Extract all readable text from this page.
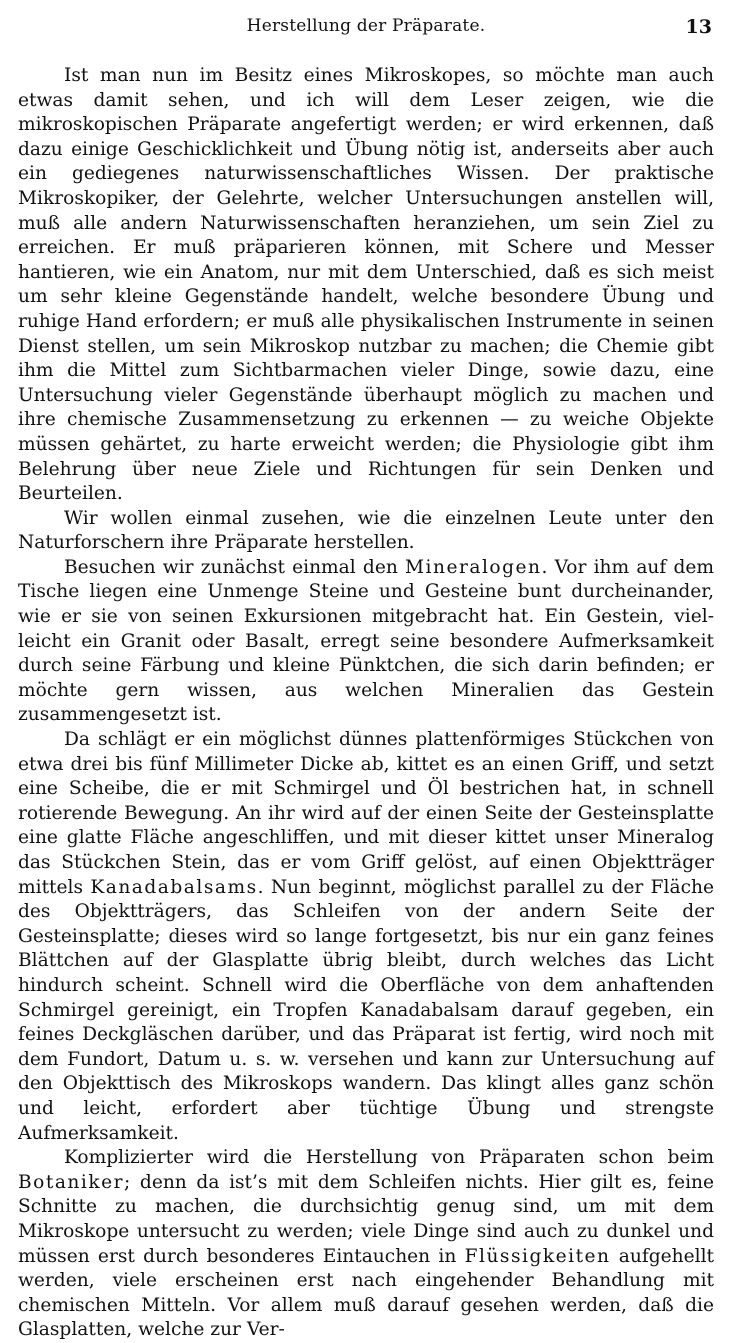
Herstellung der Präparate.	13

Ist man nun im Besitz eines Mikroskopes, so möchte man auch etwas damit sehen, und ich will dem Leser zeigen, wie die mikroskopischen Präparate angefertigt werden; er wird erkennen, daß dazu einige Geschicklichkeit und Übung nötig ist, anderseits aber auch ein gediegenes naturwissenschaftliches Wissen. Der praktische Mikroskopiker, der Gelehrte, welcher Untersuchungen anstellen will, muß alle andern Naturwissenschaften heranziehen, um sein Ziel zu erreichen. Er muß präparieren können, mit Schere und Messer hantieren, wie ein Anatom, nur mit dem Unterschied, daß es sich meist um sehr kleine Gegenstände handelt, welche besondere Übung und ruhige Hand erfordern; er muß alle physikalischen Instrumente in seinen Dienst stellen, um sein Mikroskop nutzbar zu machen; die Chemie gibt ihm die Mittel zum Sichtbarmachen vieler Dinge, sowie dazu, eine Untersuchung vieler Gegenstände überhaupt möglich zu machen und ihre chemische Zusammensetzung zu erkennen — zu weiche Objekte müssen gehärtet, zu harte erweicht werden; die Physiologie gibt ihm Belehrung über neue Ziele und Richtungen für sein Denken und Beurteilen.

Wir wollen einmal zusehen, wie die einzelnen Leute unter den Naturforschern ihre Präparate herstellen.

Besuchen wir zunächst einmal den Mineralogen. Vor ihm auf dem Tische liegen eine Unmenge Steine und Gesteine bunt durcheinander, wie er sie von seinen Exkursionen mitgebracht hat. Ein Gestein, vielleicht ein Granit oder Basalt, erregt seine besondere Aufmerksamkeit durch seine Färbung und kleine Pünktchen, die sich darin befinden; er möchte gern wissen, aus welchen Mineralien das Gestein zusammengesetzt ist.

Da schlägt er ein möglichst dünnes plattenförmiges Stückchen von etwa drei bis fünf Millimeter Dicke ab, kittet es an einen Griff, und setzt eine Scheibe, die er mit Schmirgel und Öl bestrichen hat, in schnell rotierende Bewegung. An ihr wird auf der einen Seite der Gesteinsplatte eine glatte Fläche angeschliffen, und mit dieser kittet unser Mineralog das Stückchen Stein, das er vom Griff gelöst, auf einen Objektträger mittels Kanadabalsams. Nun beginnt, möglichst parallel zu der Fläche des Objektträgers, das Schleifen von der andern Seite der Gesteinsplatte; dieses wird so lange fortgesetzt, bis nur ein ganz feines Blättchen auf der Glasplatte übrig bleibt, durch welches das Licht hindurch scheint. Schnell wird die Oberfläche von dem anhaftenden Schmirgel gereinigt, ein Tropfen Kanadabalsam darauf gegeben, ein feines Deckgläschen darüber, und das Präparat ist fertig, wird noch mit dem Fundort, Datum u. s. w. versehen und kann zur Untersuchung auf den Objekttisch des Mikroskops wandern. Das klingt alles ganz schön und leicht, erfordert aber tüchtige Übung und strengste Aufmerksamkeit.

Komplizierter wird die Herstellung von Präparaten schon beim Botaniker; denn da ist’s mit dem Schleifen nichts. Hier gilt es, feine Schnitte zu machen, die durchsichtig genug sind, um mit dem Mikroskope untersucht zu werden; viele Dinge sind auch zu dunkel und müssen erst durch besonderes Eintauchen in Flüssigkeiten aufgehellt werden, viele erscheinen erst nach eingehender Behandlung mit chemischen Mitteln. Vor allem muß darauf gesehen werden, daß die Glasplatten, welche zur Ver-
